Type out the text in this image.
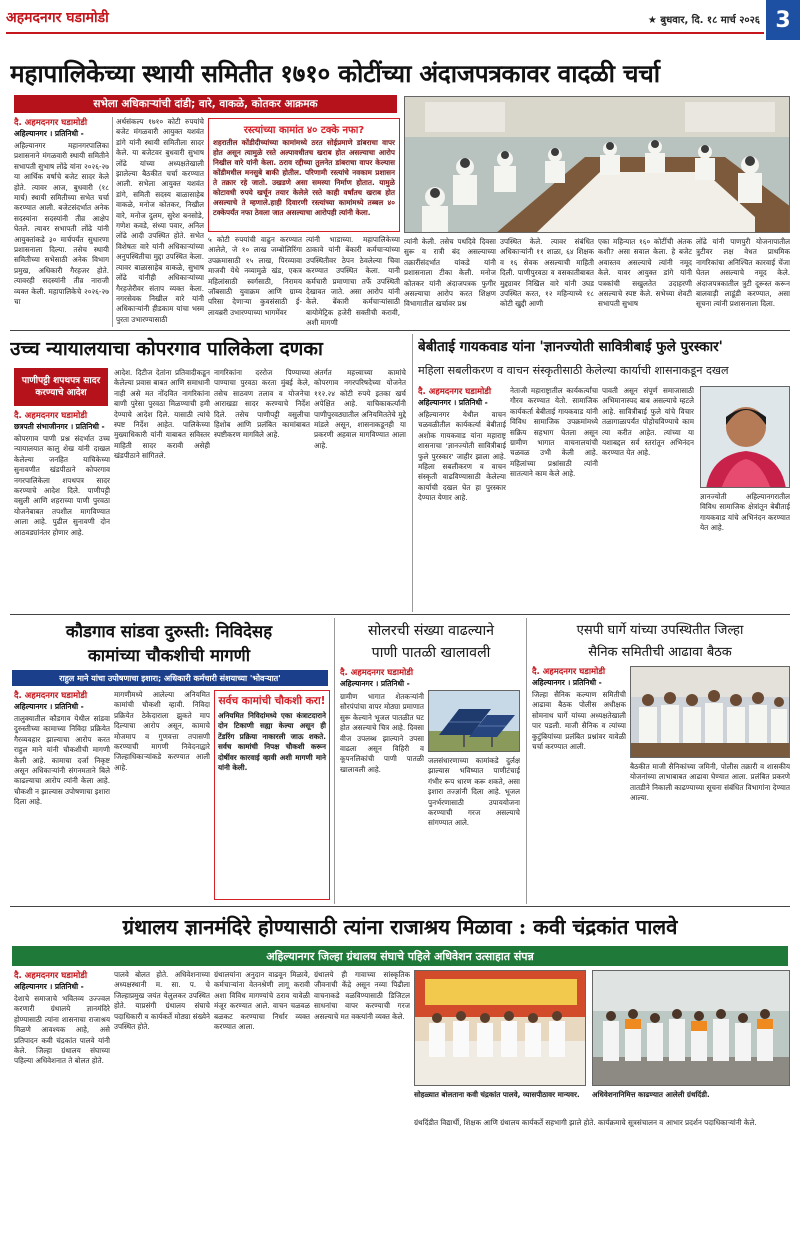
अहमदनगर घडामोडी	★ बुधवार, दि. १८ मार्च २०२६ 3
महापालिकेच्या स्थायी समितीत १७१० कोटींच्या अंदाजपत्रकावर वादळी चर्चा
सभेला अधिकाऱ्यांची दांडी; वारे, वाकळे, कोतकर आक्रमक
दै. अहमदनगर घडामोडी
अहिल्यानगर । प्रतिनिधी -
अहिल्यानगर महानगरपालिका प्रशासनाने मंगळवारी स्थायी समितीने सभापती सुभाष लोंढे यांना २०२६-२७ या आर्थिक वर्षाचे बजेट सादर केले होते. त्यावर आज, बुधवारी (१८ मार्च) स्थायी समितीच्या सभेत चर्चा करण्यात आली. बजेटसंदर्भात अनेक सदस्यांना सदस्यांनी तीव्र आक्षेप घेतले. त्यावर सभापती लोंढे यांनी आयुक्तांकडे ३० मार्चपर्यंत सुधारणा प्रशासनाला दिल्या. तसेच स्थायी समितीच्या सभेसाठी अनेक विभाग प्रमुख, अधिकारी गैरहजर होते. त्यावरही सदस्यांनी तीव्र नाराजी व्यक्त केली. महापालिकेचे २०२६-२७ चा
अर्थसंकल्प १७१० कोटी रुपयांचे बजेट मंगळवारी आयुक्त यशवंत डांगे यांनी स्थायी समितीला सादर केले. या बजेटवर बुधवारी सुभाष लोंढे यांच्या अध्यक्षतेखाली झालेल्या बैठकीत चर्चा करण्यात आली. सभेला आयुक्त यशवंत डांगे, समिती सदस्य बाळासाहेब वाकळे, मनोज कोतकर, निखील वारे, मनोज दुलम, सुरेश बनसोडे, गणेश कवडे, संध्या पवार, अनिल लोंढे आदी उपस्थित होते. सभेत विशेषतः वारे यांनी अधिकाऱ्यांच्या अनुपस्थितीचा मुद्दा उपस्थित केला. त्यावर बाळासाहेब वाकळे, सुभाष लोंढे यांनीही अधिकाऱ्यांच्या गैरहजेरीवर संताप व्यक्त केला. नगरसेवक निखील वारे यांनी अधिकाऱ्यांनी हीडकाम यांचा भस्म पुरता उभारण्यासाठी
रस्त्यांच्या कामांत ४० टक्के नफा?
शहरातील कोंडीदीच्यांच्या कामांमध्ये ठरत सोईप्रमाणे डांबराचा वापर होत असून त्यामुळे रस्ते अल्पावधीतच खराब होत असल्याचा आरोप निखील वारे यांनी केला. ठराव रद्दीच्या तुलनेत डांबराचा वापर केल्यास कोंडीमधील मनसुबे बाकी होतील. परिणामी रस्त्यांचे नवकाम प्रशासन ते तक्रार रहे जातो. उखडणे असा समस्या निर्माण होतात. यामुळे कोटावधी रुपये खर्चून तयार केलेले रस्ते काही वर्षांतच खराब होत असल्याचे ते म्हणाले.हाही दिवारणी रस्त्यांच्या कामांमध्ये तब्बल ४० टक्केपर्यंत नफा ठेवला जात असल्याचा आरोपही त्यांनी केला.
५ कोटी रुपयांची वाढुन करण्यात आलेले, जे १० लाख जम्बोलिरिंगा उपक्रमासाठी १५ लाख, पिरव्यावा माजवी येथे नव्यामुळे खंड, एकत्र महिलांसाठी स्वर्गसाठी, निरामय जॉबसाठी युवाक्रम आणि ग्राम्य परिसा देणाऱ्या कुवसंसाठी ई-लायब्ररी उभारण्याच्या भागमेंवर
त्यांनी भाडाच्या. महापालिकेच्या ठाकावे यांनी बेंकारी कर्मचाऱ्यांच्या उपस्थितीवर ठेपन ठेवलेल्या चिवा करण्यात उपस्थित केला. यानी कर्मचारी प्रमाणाचा तर्फे उपस्थिती देखावत जाते. असा आरोप यांनी केले. बेंकारी कर्मचाऱ्यांसाठी बायोमेट्रिक हजेरी सक्तीची करावी, अशी मागणी
त्यांनी केली. तसेच पथदिवे दिवसा सुरू व रात्री बंद असल्याच्या तक्रारींसंदर्भात यांकडे यांनी प्रशासनाला टीका केली. मनोज कोतकर यांनी अंदाजपत्रक फुगीर असल्याचा आरोप करत शिक्षण विभागातील खर्चावर प्रश्न
उपस्थित केले. त्यावर संबंधित अधिकाऱ्यांनी ११ शाळा, ६४ शिक्षक व १६ सेवक असल्याची माहिती दिली. पाणीपुरवठा व वसकातीबाबत मुद्द्यावर निखिल वारे यांनी उघड उपस्थित करत, १२ महिन्याच्ये १८ कोटी खुद्दी आणी
एका महिन्यात १६० कोटींची अंतक कशी? असा सवाल केला. हे बजेट अवास्तव असल्याचे त्यांनी नमूद केले. यावर आयुक्त डांगे यांनी पत्रकांची सखुलतेत उदाहरणी असल्याचे स्पष्ट केले. सभेच्या शेवटी सभापती सुभाष
लोंढे यांनी पाणपुरी योजनापातील त्रुटीवर लक्ष वेधत प्राथमिक नागरिकांचा अनिश्चित कारवाई चेंजा घेतल असल्याचे नमूद केले. अंदाजपत्रकातील त्रुटी दूरूस्त करून बालवाड़ी लाडूंडी करण्यात, असा सूचना त्यांनी प्रशासनाला दिला.
उच्च न्यायालयाचा कोपरगाव पालिकेला दणका
पाणीपट्टी शपथपत्र सादर करण्याचे आदेश
दै. अहमदनगर घडामोडी
छत्रपती संभाजीनगर । प्रतिनिधी -
कोपरगाव पाणी प्रश्न संदर्भात उच्च न्यायालयात कालु शेख यांनी दाखल केलेल्या जनहित याचिकेच्या सुनावणीत खंडपीठाने कोपरगाव नगरपालिकेला शपथपत्र सादर करण्याचे आदेश दिले. पाणीपट्टी वसुली आणि शहराच्या पाणी पुरवठा योजनेबाबत तपशील मागविण्यात आला आहे. पुढील सुनावणी दोन आठवड्यांनंतर होणार आहे.
आदेश. दिटीज देतांना प्रतिवादीकडून केलेल्या प्रवास बाबत आणि समाधानी नाही असे मत नोंदवित नागरिकांना बाणी पुरेसा पुरवठा मिळण्याची हमी देण्याचे आदेश दिले. यासाठी त्यांचे स्पष्ट निर्देश आहेत. पालिकेच्या मुख्याधिकारी यांनी याबाबत सविस्तर माहिती सादर करावी असेही खंडपीठाने सांगितले.
नागरिकांना दररोज पिण्याच्या पाण्याचा पुरवठा करता मुंबई केले, तसेच साठवण तलाव व योजनेचा आराखडा सादर करण्याचे निर्देश दिले. तसेच पाणीपट्टी वसुलीचा हिशोब आणि प्रलंबित कामांबाबत स्पष्टीकरण मागविले आहे.
अंतर्गत महत्त्वाच्या कामांचे कोपरगाव नगरपरिषदेच्या योजनेत ११२.२४ कोटी रुपये इतका खर्च अपेक्षित आहे. याचिकाकर्त्यांनी पाणीपुरवठ्यातील अनियमिततेचे मुद्दे मांडले असून, शासनाकडूनही या प्रकरणी अहवाल मागविण्यात आला आहे.
बेबीताई गायकवाड यांना 'ज्ञानज्योती सावित्रीबाई फुले पुरस्कार'
महिला सबलीकरण व वाचन संस्कृतीसाठी केलेल्या कार्याची शासनाकडून दखल
दै. अहमदनगर घडामोडी
अहिल्यानगर । प्रतिनिधी -
अहिल्यानगर येथील वाचन चळवळीतील कार्यकर्त्या बेबीताई अशोक गायकवाड यांना महाराष्ट्र शासनाचा 'ज्ञानज्योती सावित्रीबाई फुले पुरस्कार' जाहीर झाला आहे. महिला सबलीकरण व वाचन संस्कृती वाढविण्यासाठी केलेल्या कार्याची दखल घेत हा पुरस्कार देण्यात येणार आहे.
नेताजी महाराष्ट्रातील कार्यकर्त्यांचा गौरव करण्यात येतो. सामाजिक कार्यकर्ता बेबीताई गायकवाड यांनी विविध सामाजिक उपक्रमांमध्ये सक्रिय सहभाग घेतला असून ग्रामीण भागात वाचनालयांची चळवळ उभी केली आहे. महिलांच्या प्रश्नांसाठी त्यांनी सातत्याने काम केले आहे.
पावती असून संपूर्ण समाजासाठी अभिमानास्पद बाब असल्याचे म्हटले आहे. सावित्रीबाई फुले यांचे विचार तळागाळापर्यंत पोहोचविण्याचे काम त्या करीत आहेत. त्यांच्या या यशाबद्दल सर्व स्तरांतून अभिनंदन करण्यात येत आहे.
ज्ञानज्योती अहिल्यानगरातील विविध सामाजिक क्षेत्रांतून बेबीताई गायकवाड यांचे अभिनंदन करण्यात येत आहे.
कौडगाव सांडवा दुरुस्ती: निविदेसह
कामांच्या चौकशीची मागणी
राहुल माने यांचा उपोषणाचा इशारा; अधिकारी कर्मचारी संशयाच्या 'भोवऱ्यात'
दै. अहमदनगर घडामोडी
अहिल्यानगर । प्रतिनिधी -
तालुक्यातील कौडगाव येथील सांडवा दुरुस्तीच्या कामाच्या निविदा प्रक्रियेत गैरव्यवहार झाल्याचा आरोप करत राहुल माने यांनी चौकशीची मागणी केली आहे. कामाचा दर्जा निकृष्ट असून अधिकाऱ्यांनी संगनमताने बिले काढल्याचा आरोप त्यांनी केला आहे. चौकशी न झाल्यास उपोषणाचा इशारा दिला आहे.
मागणीमध्ये आलेल्या अनियमित कामांची चौकशी व्हावी. निविदा प्रक्रियेत ठेकेदाराला झुकते माप दिल्याचा आरोप असून, कामाचे मोजमाप व गुणवत्ता तपासणी करण्याची मागणी निवेदनाद्वारे जिल्हाधिकाऱ्यांकडे करण्यात आली आहे.
सर्वच कामांची चौकशी करा!
अनियमित निविदांमध्ये एका कंत्राटदाराने दोन टिकाणी सह्या केल्या असून ही टेंडरिंग प्रक्रिया नाकारली जाऊ शकते. सर्वच कामांची निपक्ष चौकशी करून दोषींवर कारवाई व्हावी अशी मागणी माने यांनी केली.
सोलरची संख्या वाढल्याने
पाणी पातळी खालावली
दै. अहमदनगर घडामोडी
अहिल्यानगर । प्रतिनिधी -
ग्रामीण भागात शेतकऱ्यांनी सौरपंपांचा वापर मोठ्या प्रमाणात सुरू केल्याने भूजल पातळीत घट होत असल्याचे चित्र आहे. दिवसा वीज उपलब्ध झाल्याने उपसा वाढला असून विहिरी व कूपनलिकांची पाणी पातळी खालावली आहे.
जलसंधारणाच्या कामांकडे दुर्लक्ष झाल्यास भविष्यात पाणीटंचाई गंभीर रूप धारण करू शकते, असा इशारा तज्ज्ञांनी दिला आहे. भूजल पुनर्भरणासाठी उपाययोजना करण्याची गरज असल्याचे सांगण्यात आले.
एसपी घार्गे यांच्या उपस्थितीत जिल्हा
सैनिक समितीची आढावा बैठक
दै. अहमदनगर घडामोडी
अहिल्यानगर । प्रतिनिधी -
जिल्हा सैनिक कल्याण समितीची आढावा बैठक पोलीस अधीक्षक सोमनाथ घार्गे यांच्या अध्यक्षतेखाली पार पडली. माजी सैनिक व त्यांच्या कुटुंबियांच्या प्रलंबित प्रश्नांवर यावेळी चर्चा करण्यात आली.
बैठकीत माजी सैनिकांच्या जमिनी, पोलीस तक्रारी व शासकीय योजनांच्या लाभाबाबत आढावा घेण्यात आला. प्रलंबित प्रकरणे तातडीने निकाली काढण्याच्या सूचना संबंधित विभागांना देण्यात आल्या.
ग्रंथालय ज्ञानमंदिरे होण्यासाठी त्यांना राजाश्रय मिळावा : कवी चंद्रकांत पालवे
अहिल्यानगर जिल्हा ग्रंथालय संघाचे पहिले अधिवेशन उत्साहात संपन्न
दै. अहमदनगर घडामोडी
अहिल्यानगर । प्रतिनिधी -
देशाचे समाजाचे भवितव्य उज्ज्वल करणारी ग्रंथालये ज्ञानमंदिरे होण्यासाठी त्यांना शासनाचा राजाश्रय मिळणे आवश्यक आहे, असे प्रतिपादन कवी चंद्रकांत पालवे यांनी केले. जिल्हा ग्रंथालय संघाच्या पहिल्या अधिवेशनात ते बोलत होते.
पालवे बोलत होते. अधिवेशनाच्या अध्यक्षस्थानी म. सा. प. चे जिल्हाप्रमुख जयंत येलुलकर उपस्थित होते. याप्रसंगी ग्रंथालय संघाचे पदाधिकारी व कार्यकर्ते मोठ्या संख्येने उपस्थित होते.
ग्रंथालयांना अनुदान वाढवून मिळावे, कर्मचाऱ्यांना वेतनश्रेणी लागू करावी अशा विविध मागण्यांचे ठराव यावेळी मंजूर करण्यात आले. वाचन चळवळ बळकट करण्याचा निर्धार व्यक्त करण्यात आला.
ग्रंथालये ही गावाच्या सांस्कृतिक जीवनाची केंद्रे असून नव्या पिढीला वाचनाकडे वळविण्यासाठी डिजिटल साधनांचा वापर करण्याची गरज असल्याचे मत वक्त्यांनी व्यक्त केले.
सोहळ्यात बोलताना कवी चंद्रकांत पालवे, व्यासपीठावर मान्यवर.	अधिवेशनानिमित्त काढण्यात आलेली ग्रंथदिंडी.
ग्रंथदिंडीत विद्यार्थी, शिक्षक आणि ग्रंथालय कार्यकर्ते सहभागी झाले होते. कार्यक्रमाचे सूत्रसंचालन व आभार प्रदर्शन पदाधिकाऱ्यांनी केले.
